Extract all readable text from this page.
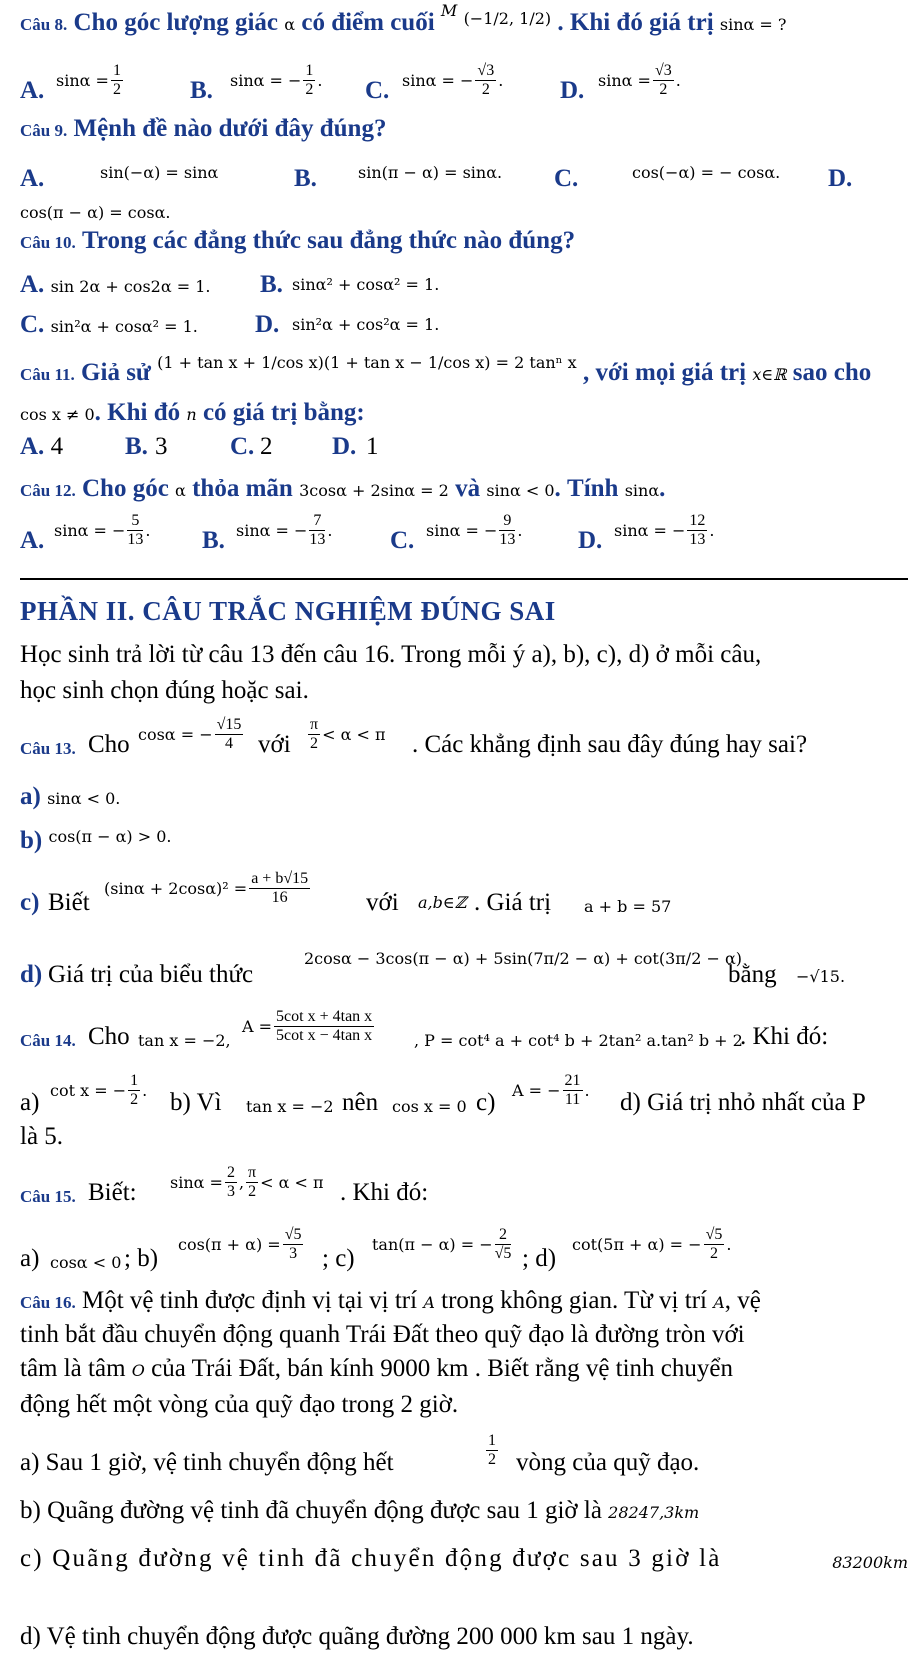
Câu 8. Cho góc lượng giác α có điểm cuối $^M$ $^{(-1/2, 1/2)}$ . Khi đó giá trị sinα = ?
A. $\sin\alpha = \frac{1}{2}$	B. sinα = − $\frac{1}{2}$ . C. sinα = − $\frac{√3}{2}$ . D. $\sin\alpha = \frac{√3}{2}$ .
Câu 9. Mệnh đề nào dưới đây đúng?
A.	sin(−α) = sinα	B.	sin(π − α) = sinα. C.	cos(−α) = − cosα. D.
cos(π − α) = cosα.
Câu 10. Trong các đẳng thức sau đẳng thức nào đúng?
A. sin 2α + cos2α = 1. B. sinα² + cosα² = 1.
C. sin²α + cosα² = 1. D. sin²α + cos²α = 1.
Câu 11. Giả sử $^{(1 + tan x + 1/cos x)(1 + tan x - 1/cos x) = 2 tan^n x}$ , với mọi giá trị x∈ℝ sao cho
cos x ≠ 0. Khi đó n có giá trị bằng:
A. 4 B. 3	C. 2 D. 1
Câu 12. Cho góc α thỏa mãn 3cosα + 2sinα = 2 và sinα < 0. Tính sinα.
A. sinα = − $\frac{5}{13}$ . B. sinα = − $\frac{7}{13}$ . C. sinα = − $\frac{9}{13}$ . D. sinα = − $\frac{12}{13}$ .
PHẦN II. CÂU TRẮC NGHIỆM ĐÚNG SAI
Học sinh trả lời từ câu 13 đến câu 16. Trong mỗi ý a), b), c), d) ở mỗi câu,
học sinh chọn đúng hoặc sai.
Câu 13. Cho cosα = − $\frac{√15}{4}$ với $\frac{\pi}{2} < \alpha < \pi$ . Các khẳng định sau đây đúng hay sai?
a) sinα < 0.
b) $^{cos(\pi - \alpha) > 0.}$
c) Biết
$(\sin\alpha + 2\cos\alpha)^2 = \frac{a + b√15}{16}$ với a,b∈ℤ . Giá trị a + b = 57
d) Giá trị của biểu thức
2cosα − 3cos(π − α) + 5sin(7π/2 − α) + cot(3π/2 − α)
bằng −√15.
Câu 14. Cho tan x = −2,
$A = \frac{\text{5cot x + 4tan x}}{\text{5cot x − 4tan x}}$ , P = cot⁴ a + cot⁴ b + 2tan² a.tan² b + 2
. Khi đó:
a) cot x = − $\frac{1}{2}$ . b) Vì tan x = −2 nên cos x = 0 c) A = − $\frac{21}{11}$ . d) Giá trị nhỏ nhất của P
là 5.
Câu 15. Biết: $\sin\alpha = \frac{2}{3}$ , $\frac{\pi}{2} < \alpha < \pi$ . Khi đó:
a) cosα < 0 ; b)
$\cos(\pi + \alpha) = \frac{√5}{3}$ ; c)
tan(π − α) = − $\frac{2}{√5}$ ; d)
cot(5π + α) = − $\frac{√5}{2}$ .
Câu 16. Một vệ tinh được định vị tại vị trí A trong không gian. Từ vị trí A, vệ
tinh bắt đầu chuyển động quanh Trái Đất theo quỹ đạo là đường tròn với
tâm là tâm O của Trái Đất, bán kính 9000 km . Biết rằng vệ tinh chuyển
động hết một vòng của quỹ đạo trong 2 giờ.
a) Sau 1 giờ, vệ tinh chuyển động hết	$\frac{1}{2}$ vòng của quỹ đạo.
b) Quãng đường vệ tinh đã chuyển động được sau 1 giờ là 28247,3km
c) Quãng đường vệ tinh đã chuyển động được sau 3 giờ là	83200km
d) Vệ tinh chuyển động được quãng đường 200 000 km sau 1 ngày.
